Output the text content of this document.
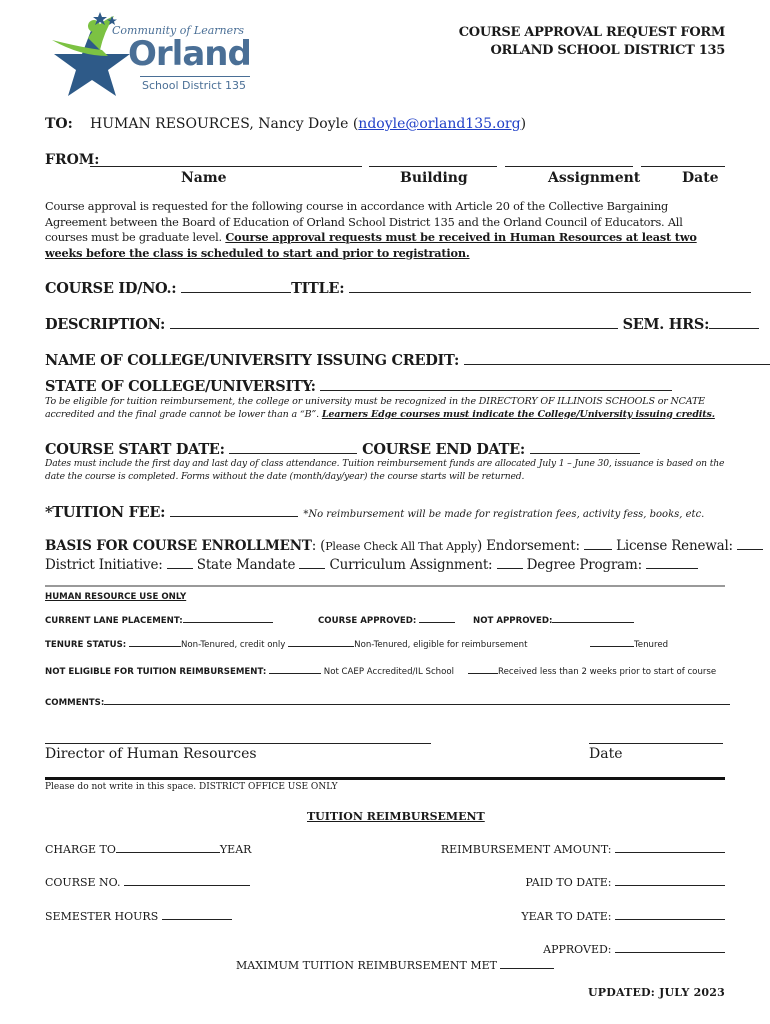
Community of Learners
Orland
School District 135
COURSE APPROVAL REQUEST FORM
ORLAND SCHOOL DISTRICT 135
TO: HUMAN RESOURCES, Nancy Doyle (ndoyle@orland135.org)
FROM:
Name	Building	Assignment	Date
Course approval is requested for the following course in accordance with Article 20 of the Collective Bargaining Agreement between the Board of Education of Orland School District 135 and the Orland Council of Educators. All courses must be graduate level. Course approval requests must be received in Human Resources at least two weeks before the class is scheduled to start and prior to registration.
COURSE ID/NO.:	TITLE:
DESCRIPTION:	SEM. HRS:
NAME OF COLLEGE/UNIVERSITY ISSUING CREDIT:
STATE OF COLLEGE/UNIVERSITY:
To be eligible for tuition reimbursement, the college or university must be recognized in the DIRECTORY OF ILLINOIS SCHOOLS or NCATE accredited and the final grade cannot be lower than a “B”. Learners Edge courses must indicate the College/University issuing credits.
COURSE START DATE:	COURSE END DATE:
Dates must include the first day and last day of class attendance. Tuition reimbursement funds are allocated July 1 – June 30, issuance is based on the date the course is completed. Forms without the date (month/day/year) the course starts will be returned.
*TUITION FEE:	*No reimbursement will be made for registration fees, activity fess, books, etc.
BASIS FOR COURSE ENROLLMENT: (Please Check All That Apply) Endorsement:	License Renewal:
District Initiative:	State Mandate	Curriculum Assignment:	Degree Program:
HUMAN RESOURCE USE ONLY
CURRENT LANE PLACEMENT:	COURSE APPROVED:	NOT APPROVED:
TENURE STATUS:	Non-Tenured, credit only	Non-Tenured, eligible for reimbursement	Tenured
NOT ELIGIBLE FOR TUITION REIMBURSEMENT:	Not CAEP Accredited/IL School	Received less than 2 weeks prior to start of course
COMMENTS:
Director of Human Resources	Date
Please do not write in this space. DISTRICT OFFICE USE ONLY
TUITION REIMBURSEMENT
CHARGE TO	YEAR	REIMBURSEMENT AMOUNT:
COURSE NO.	PAID TO DATE:
SEMESTER HOURS	YEAR TO DATE:
APPROVED:
MAXIMUM TUITION REIMBURSEMENT MET
UPDATED: JULY 2023
